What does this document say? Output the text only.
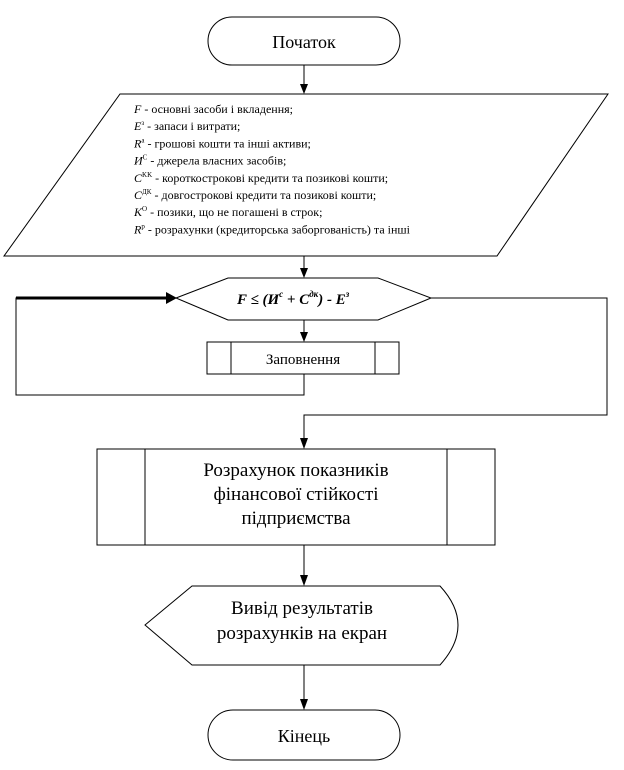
Початок
F - основні засоби і вкладення;
$E^з$ - запаси і витрати;
$R^a$ - грошові кошти та інші активи;
$И^C$ - джерела власних засобів;
$C^{KK}$ - короткострокові кредити та позикові кошти;
$C^{ДК}$ - довгострокові кредити та позикові кошти;
$K^O$ - позики, що не погашені в строк;
$R^p$ - розрахунки (кредиторська заборгованість) та інші
$F \le (И^c + C^{дк}) - E^з$
Заповнення
Розрахунок показників
фінансової стійкості
підприємства
Вивід результатів
розрахунків на екран
Кінець
